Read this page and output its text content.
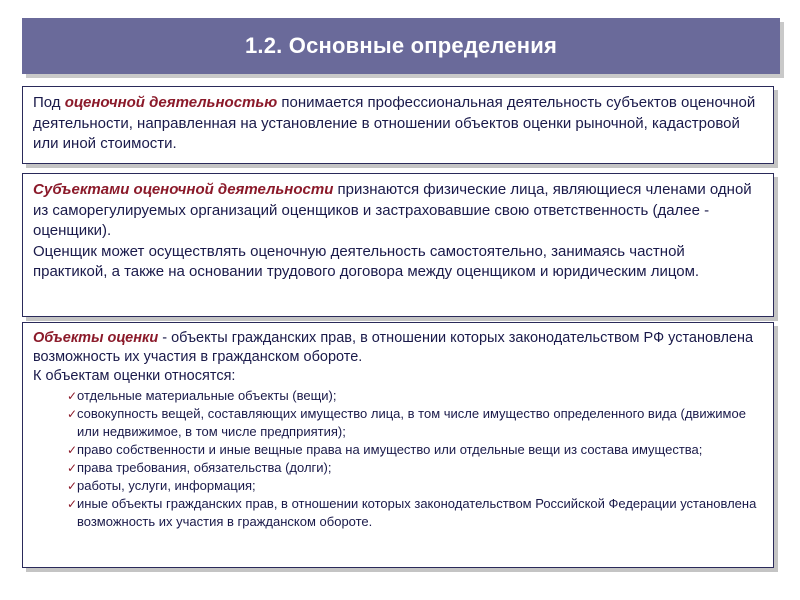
1.2. Основные определения

Под оценочной деятельностью понимается профессиональная деятельность субъектов оценочной деятельности, направленная на установление в отношении объектов оценки рыночной, кадастровой или иной стоимости.

Субъектами оценочной деятельности признаются физические лица, являющиеся членами одной из саморегулируемых организаций оценщиков и застраховавшие свою ответственность (далее - оценщики).

Оценщик может осуществлять оценочную деятельность самостоятельно, занимаясь частной практикой, а также на основании трудового договора между оценщиком и юридическим лицом.

Объекты оценки - объекты гражданских прав, в отношении которых законодательством РФ установлена возможность их участия в гражданском обороте.

К объектам оценки относятся:

✓ отдельные материальные объекты (вещи);
✓ совокупность вещей, составляющих имущество лица, в том числе имущество определенного вида (движимое или недвижимое, в том числе предприятия);
✓ право собственности и иные вещные права на имущество или отдельные вещи из состава имущества;
✓ права требования, обязательства (долги);
✓ работы, услуги, информация;
✓ иные объекты гражданских прав, в отношении которых законодательством Российской Федерации установлена возможность их участия в гражданском обороте.
